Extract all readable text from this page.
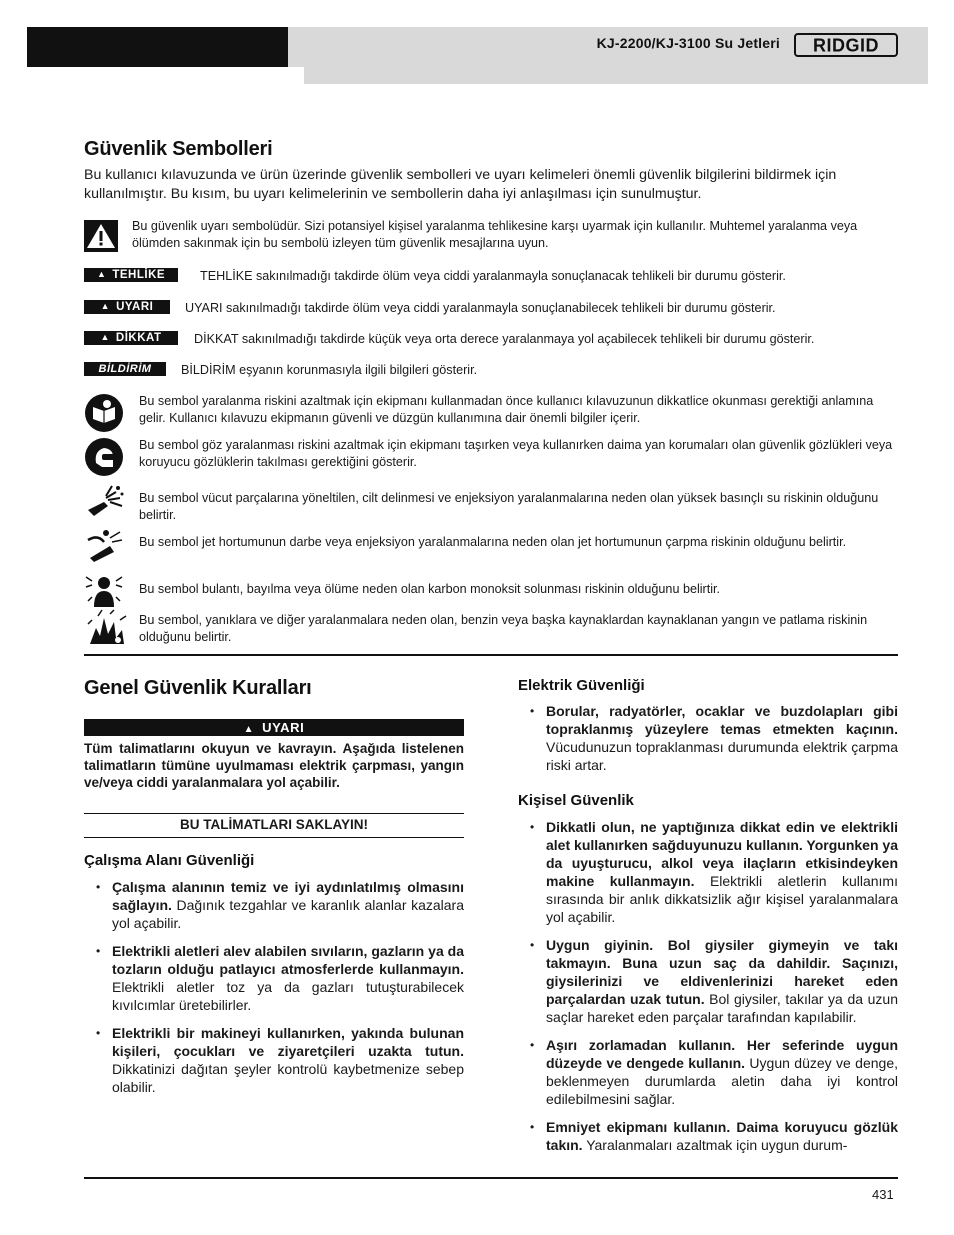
KJ-2200/KJ-3100 Su Jetleri RIDGID
Güvenlik Sembolleri
Bu kullanıcı kılavuzunda ve ürün üzerinde güvenlik sembolleri ve uyarı kelimeleri önemli güvenlik bilgilerini bildirmek için kullanılmıştır. Bu kısım, bu uyarı kelimelerinin ve sembollerin daha iyi anlaşılması için sunulmuştur.
Bu güvenlik uyarı sembolüdür. Sizi potansiyel kişisel yaralanma tehlikesine karşı uyarmak için kullanılır. Muhtemel yaralanma veya ölümden sakınmak için bu sembolü izleyen tüm güvenlik mesajlarına uyun.
▲ TEHLİKE	TEHLİKE sakınılmadığı takdirde ölüm veya ciddi yaralanmayla sonuçlanacak tehlikeli bir durumu gösterir.
▲ UYARI	UYARI sakınılmadığı takdirde ölüm veya ciddi yaralanmayla sonuçlanabilecek tehlikeli bir durumu gösterir.
▲ DİKKAT	DİKKAT sakınılmadığı takdirde küçük veya orta derece yaralanmaya yol açabilecek tehlikeli bir durumu gösterir.
BİLDİRİM	BİLDİRİM eşyanın korunmasıyla ilgili bilgileri gösterir.
Bu sembol yaralanma riskini azaltmak için ekipmanı kullanmadan önce kullanıcı kılavuzunun dikkatlice okunması gerektiği anlamına gelir. Kullanıcı kılavuzu ekipmanın güvenli ve düzgün kullanımına dair önemli bilgiler içerir.
Bu sembol göz yaralanması riskini azaltmak için ekipmanı taşırken veya kullanırken daima yan korumaları olan güvenlik gözlükleri veya koruyucu gözlüklerin takılması gerektiğini gösterir.
Bu sembol vücut parçalarına yöneltilen, cilt delinmesi ve enjeksiyon yaralanmalarına neden olan yüksek basınçlı su riskinin olduğunu belirtir.
Bu sembol jet hortumunun darbe veya enjeksiyon yaralanmalarına neden olan jet hortumunun çarpma riskinin olduğunu belirtir.
Bu sembol bulantı, bayılma veya ölüme neden olan karbon monoksit solunması riskinin olduğunu belirtir.
Bu sembol, yanıklara ve diğer yaralanmalara neden olan, benzin veya başka kaynaklardan kaynaklanan yangın ve patlama riskinin olduğunu belirtir.
Genel Güvenlik Kuralları
▲ UYARI
Tüm talimatlarını okuyun ve kavrayın. Aşağıda listelenen talimatların tümüne uyulmaması elektrik çarpması, yangın ve/veya ciddi yaralanmalara yol açabilir.
BU TALİMATLARI SAKLAYIN!
Çalışma Alanı Güvenliği
• Çalışma alanının temiz ve iyi aydınlatılmış olmasını sağlayın. Dağınık tezgahlar ve karanlık alanlar kazalara yol açabilir.
• Elektrikli aletleri alev alabilen sıvıların, gazların ya da tozların olduğu patlayıcı atmosferlerde kullanmayın. Elektrikli aletler toz ya da gazları tutuşturabilecek kıvılcımlar üretebilirler.
• Elektrikli bir makineyi kullanırken, yakında bulunan kişileri, çocukları ve ziyaretçileri uzakta tutun. Dikkatinizi dağıtan şeyler kontrolü kaybetmenize sebep olabilir.
Elektrik Güvenliği
• Borular, radyatörler, ocaklar ve buzdolapları gibi topraklanmış yüzeylere temas etmekten kaçının. Vücudunuzun topraklanması durumunda elektrik çarpma riski artar.
Kişisel Güvenlik
• Dikkatli olun, ne yaptığınıza dikkat edin ve elektrikli alet kullanırken sağduyunuzu kullanın. Yorgunken ya da uyuşturucu, alkol veya ilaçların etkisindeyken makine kullanmayın. Elektrikli aletlerin kullanımı sırasında bir anlık dikkatsizlik ağır kişisel yaralanmalara yol açabilir.
• Uygun giyinin. Bol giysiler giymeyin ve takı takmayın. Buna uzun saç da dahildir. Saçınızı, giysilerinizi ve eldivenlerinizi hareket eden parçalardan uzak tutun. Bol giysiler, takılar ya da uzun saçlar hareket eden parçalar tarafından kapılabilir.
• Aşırı zorlamadan kullanın. Her seferinde uygun düzeyde ve dengede kullanın. Uygun düzey ve denge, beklenmeyen durumlarda aletin daha iyi kontrol edilebilmesini sağlar.
• Emniyet ekipmanı kullanın. Daima koruyucu gözlük takın. Yaralanmaları azaltmak için uygun durum-
431
